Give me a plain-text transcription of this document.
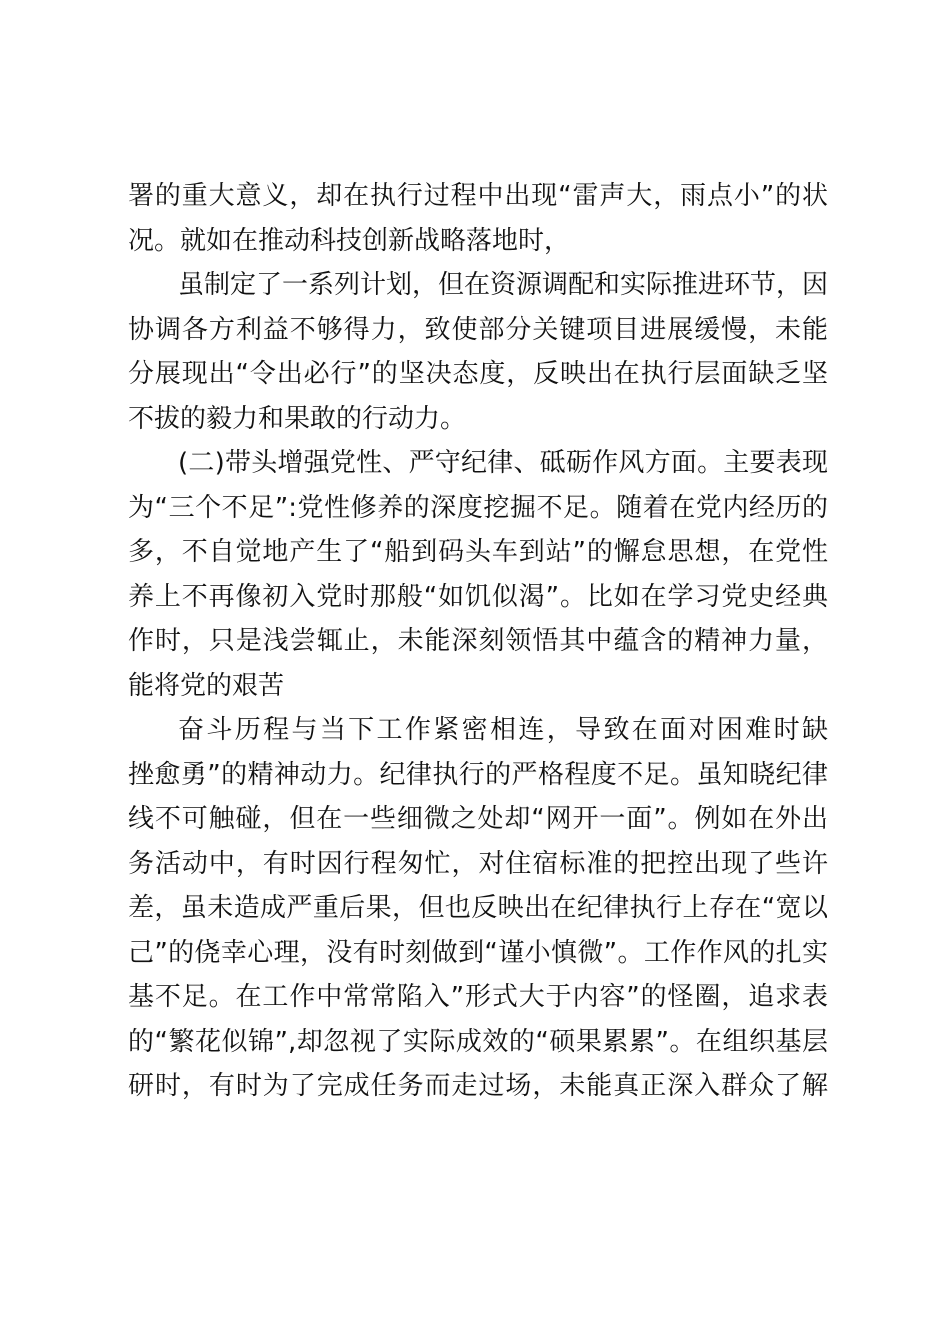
署的重大意义，却在执行过程中出现“雷声大，雨点小”的状
况。就如在推动科技创新战略落地时，
虽制定了一系列计划，但在资源调配和实际推进环节，因
协调各方利益不够得力，致使部分关键项目进展缓慢，未能
分展现出“令出必行”的坚决态度，反映出在执行层面缺乏坚
不拔的毅力和果敢的行动力。
(二)带头增强党性、严守纪律、砥砺作风方面。主要表现
为“三个不足”:党性修养的深度挖掘不足。随着在党内经历的
多，不自觉地产生了“船到码头车到站”的懈怠思想，在党性
养上不再像初入党时那般“如饥似渴”。比如在学习党史经典
作时，只是浅尝辄止，未能深刻领悟其中蕴含的精神力量，
能将党的艰苦
奋斗历程与当下工作紧密相连，导致在面对困难时缺
挫愈勇”的精神动力。纪律执行的严格程度不足。虽知晓纪律
线不可触碰，但在一些细微之处却“网开一面”。例如在外出
务活动中，有时因行程匆忙，对住宿标准的把控出现了些许
差，虽未造成严重后果，但也反映出在纪律执行上存在“宽以
己”的侥幸心理，没有时刻做到“谨小慎微”。工作作风的扎实
基不足。在工作中常常陷入”形式大于内容”的怪圈，追求表
的“繁花似锦”,却忽视了实际成效的“硕果累累”。在组织基层
研时，有时为了完成任务而走过场，未能真正深入群众了解
